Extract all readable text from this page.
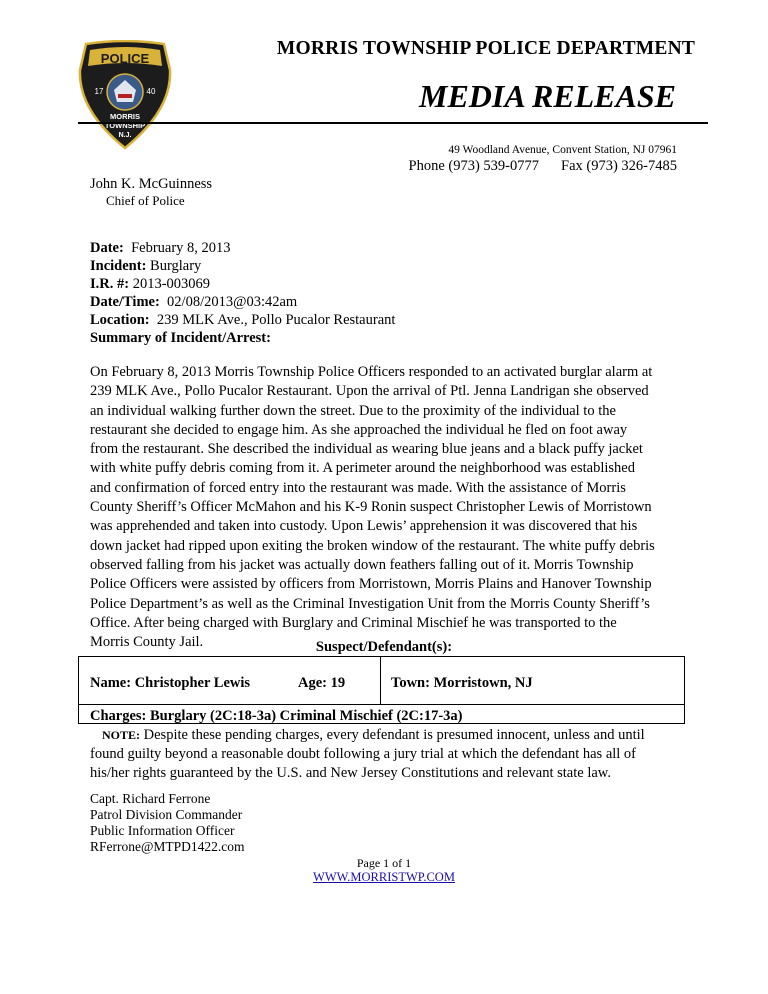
POLICE
17	40
MORRIS
TOWNSHIP
N.J.
MORRIS TOWNSHIP POLICE DEPARTMENT
MEDIA RELEASE
49 Woodland Avenue, Convent Station, NJ 07961
Phone (973) 539-0777 Fax (973) 326-7485
John K. McGuinness
Chief of Police
Date: February 8, 2013
Incident: Burglary
I.R. #: 2013-003069
Date/Time: 02/08/2013@03:42am
Location: 239 MLK Ave., Pollo Pucalor Restaurant
Summary of Incident/Arrest:
On February 8, 2013 Morris Township Police Officers responded to an activated burglar alarm at
239 MLK Ave., Pollo Pucalor Restaurant. Upon the arrival of Ptl. Jenna Landrigan she observed
an individual walking further down the street. Due to the proximity of the individual to the
restaurant she decided to engage him. As she approached the individual he fled on foot away
from the restaurant. She described the individual as wearing blue jeans and a black puffy jacket
with white puffy debris coming from it. A perimeter around the neighborhood was established
and confirmation of forced entry into the restaurant was made. With the assistance of Morris
County Sheriff’s Officer McMahon and his K-9 Ronin suspect Christopher Lewis of Morristown
was apprehended and taken into custody. Upon Lewis’ apprehension it was discovered that his
down jacket had ripped upon exiting the broken window of the restaurant. The white puffy debris
observed falling from his jacket was actually down feathers falling out of it. Morris Township
Police Officers were assisted by officers from Morristown, Morris Plains and Hanover Township
Police Department’s as well as the Criminal Investigation Unit from the Morris County Sheriff’s
Office. After being charged with Burglary and Criminal Mischief he was transported to the
Morris County Jail.	Suspect/Defendant(s):
Name: Christopher Lewis	Age: 19	Town: Morristown, NJ
Charges: Burglary (2C:18-3a) Criminal Mischief (2C:17-3a)
NOTE: Despite these pending charges, every defendant is presumed innocent, unless and until
found guilty beyond a reasonable doubt following a jury trial at which the defendant has all of
his/her rights guaranteed by the U.S. and New Jersey Constitutions and relevant state law.
Capt. Richard Ferrone
Patrol Division Commander
Public Information Officer
RFerrone@MTPD1422.com
Page 1 of 1
WWW.MORRISTWP.COM
